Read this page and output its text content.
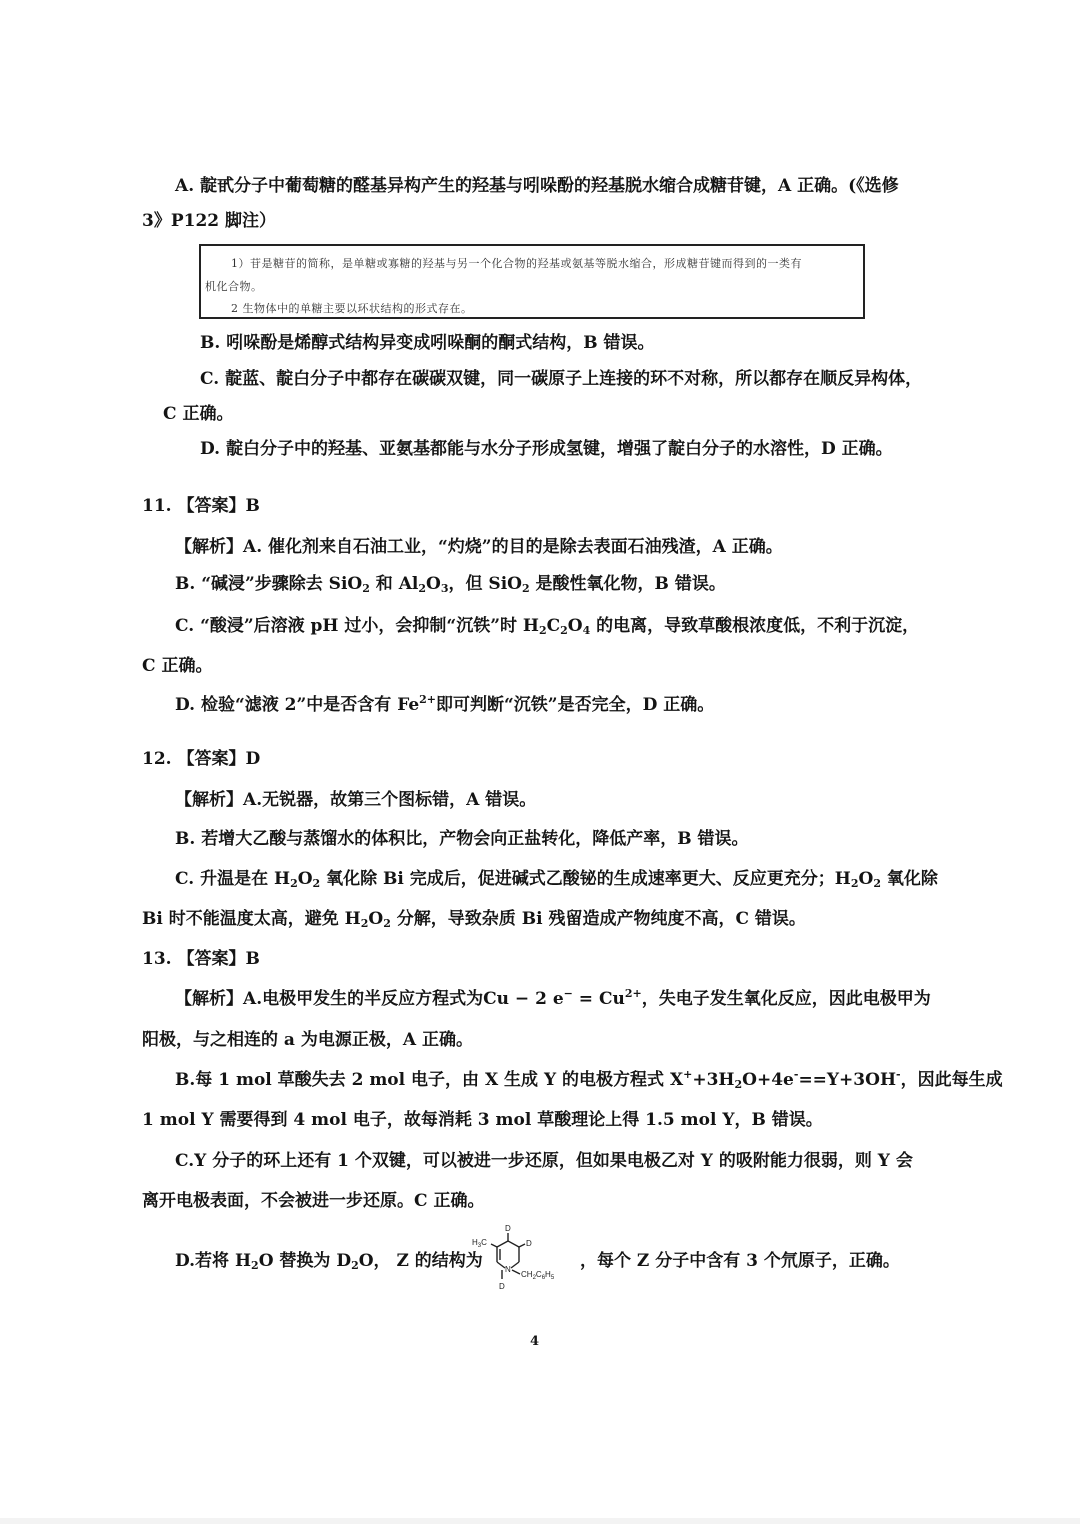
A. 靛甙分子中葡萄糖的醛基异构产生的羟基与吲哚酚的羟基脱水缩合成糖苷键，A 正确。(《选修
3》P122 脚注）
1）苷是糖苷的简称，是单糖或寡糖的羟基与另一个化合物的羟基或氨基等脱水缩合，形成糖苷键而得到的一类有
机化合物。
2 生物体中的单糖主要以环状结构的形式存在。
B. 吲哚酚是烯醇式结构异变成吲哚酮的酮式结构，B 错误。
C. 靛蓝、靛白分子中都存在碳碳双键，同一碳原子上连接的环不对称，所以都存在顺反异构体，
C 正确。
D. 靛白分子中的羟基、亚氨基都能与水分子形成氢键，增强了靛白分子的水溶性，D 正确。
11. 【答案】B
【解析】A. 催化剂来自石油工业，“灼烧”的目的是除去表面石油残渣，A 正确。
B. “碱浸”步骤除去 SiO$_2$ 和 $Al_2O_3$，但 SiO$_2$ 是酸性氧化物，B 错误。
C. “酸浸”后溶液 pH 过小，会抑制“沉铁”时 $H_2C_2O_4$ 的电离，导致草酸根浓度低，不利于沉淀，
C 正确。
D. 检验“滤液 2”中是否含有 $Fe^{2+}$即可判断“沉铁”是否完全，D 正确。
12. 【答案】D
【解析】A.无锐器，故第三个图标错，A 错误。
B. 若增大乙酸与蒸馏水的体积比，产物会向正盐转化，降低产率，B 错误。
C. 升温是在 $H_2O_2$ 氧化除 Bi 完成后，促进碱式乙酸铋的生成速率更大、反应更充分；$H_2O_2$ 氧化除
Bi 时不能温度太高，避免 $H_2O_2$ 分解，导致杂质 Bi 残留造成产物纯度不高，C 错误。
13. 【答案】B
【解析】A.电极甲发生的半反应方程式为Cu − 2 $e^- = Cu^{2+}$，失电子发生氧化反应，因此电极甲为
阳极，与之相连的 a 为电源正极，A 正确。
B.每 1 mol 草酸失去 2 mol 电子，由 X 生成 Y 的电极方程式 $X^++3H_2O+4e^-==Y+3OH^-$，因此每生成
1 mol Y 需要得到 4 mol 电子，故每消耗 3 mol 草酸理论上得 1.5 mol Y，B 错误。
C.Y 分子的环上还有 1 个双键，可以被进一步还原，但如果电极乙对 Y 的吸附能力很弱，则 Y 会
离开电极表面，不会被进一步还原。C 正确。
D.若将 $H_2O$ 替换为 $D_2O$， Z 的结构为
D
D
D
$H_3C$
N
$CH_2C_6H_5$
，每个 Z 分子中含有 3 个氘原子，正确。
4
